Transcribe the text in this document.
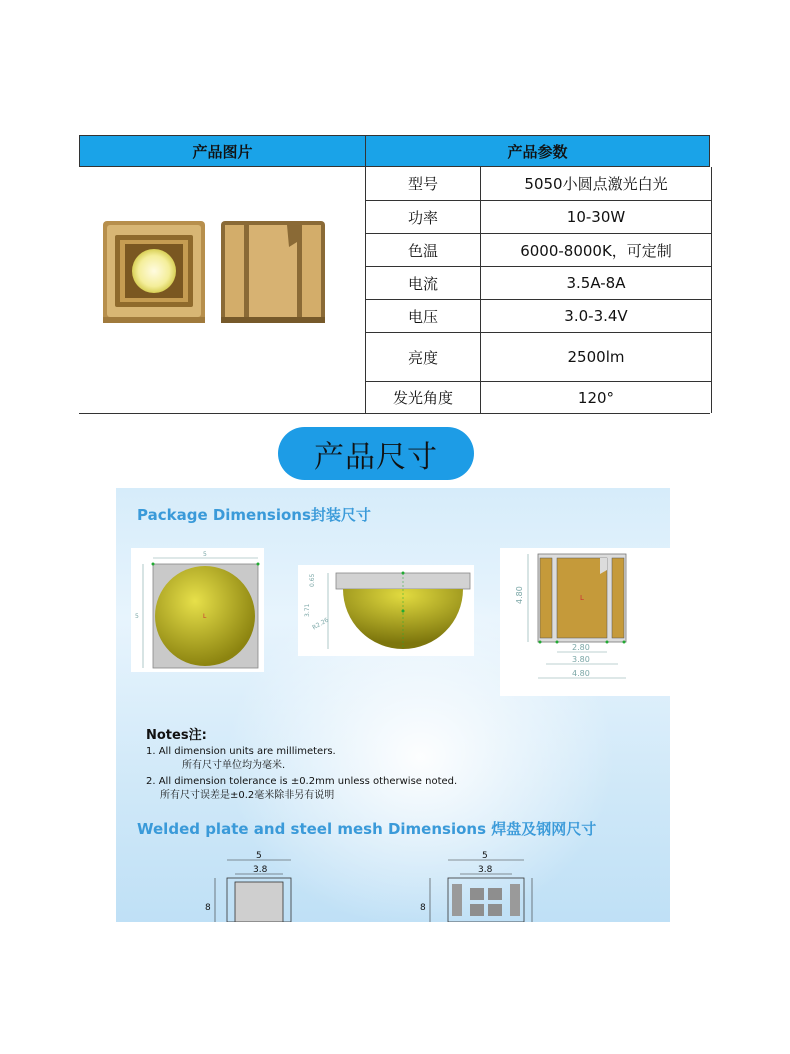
产品图片	产品参数
型号	5050小圆点激光白光
功率	10-30W
色温	6000-8000K，可定制
电流	3.5A-8A
电压	3.0-3.4V
亮度	2500lm
发光角度	120°
产品尺寸
Package Dimensions封装尺寸
5
5	L
0.65
3.71
R2.26
L
4.80
2.80
3.80
4.80
Notes注:
1. All dimension units are millimeters.
所有尺寸单位均为毫米.
2. All dimension tolerance is ±0.2mm unless otherwise noted.
所有尺寸误差是±0.2毫米除非另有说明
Welded plate and steel mesh Dimensions 焊盘及钢网尺寸
5
3.8
8
5
3.8
8
